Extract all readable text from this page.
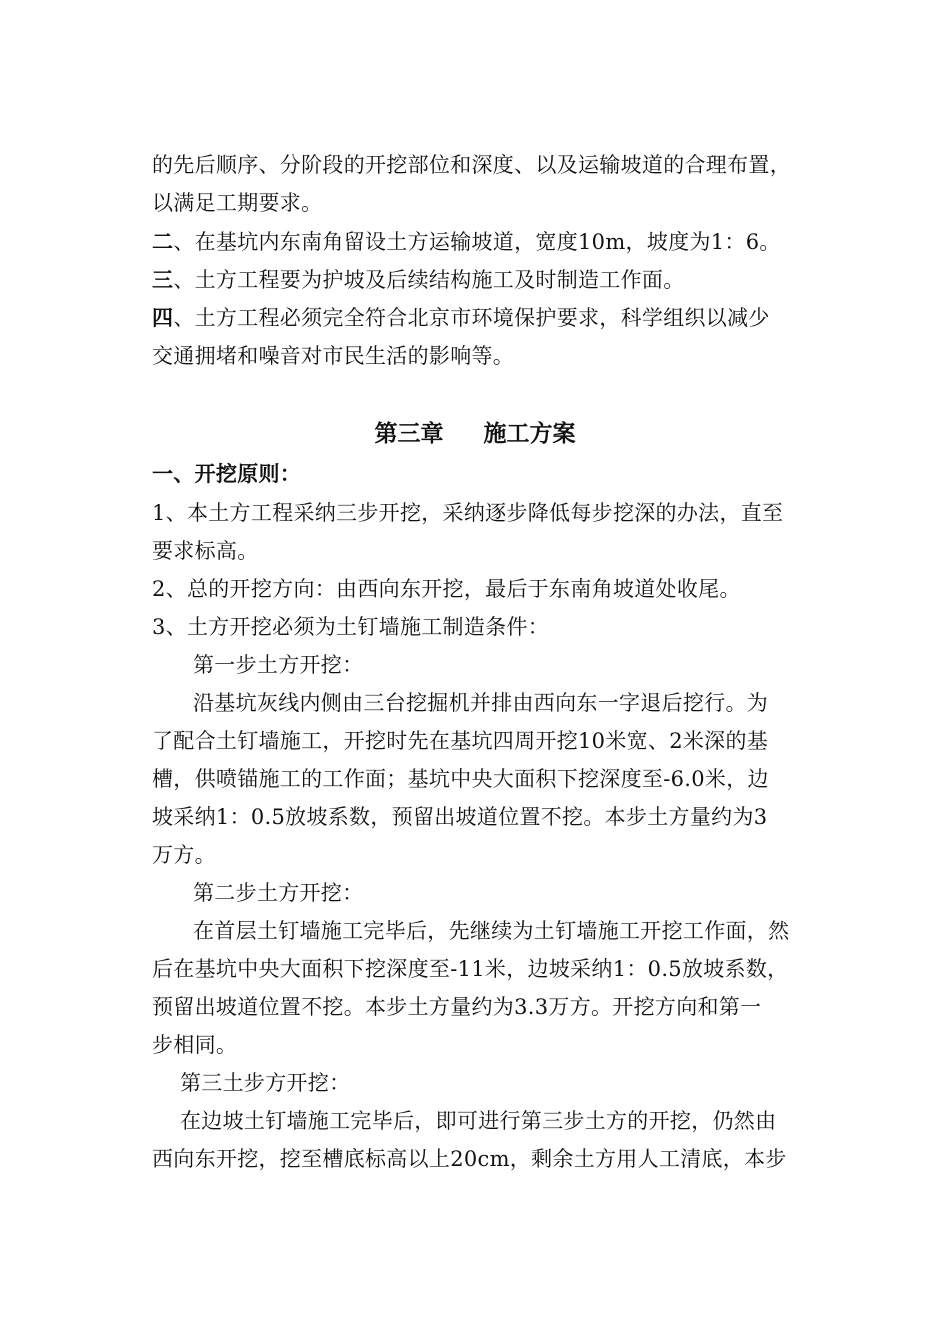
的先后顺序、分阶段的开挖部位和深度、以及运输坡道的合理布置，
以满足工期要求。
二、在基坑内东南角留设土方运输坡道，宽度10m，坡度为1：6。
三、土方工程要为护坡及后续结构施工及时制造工作面。
四、土方工程必须完全符合北京市环境保护要求，科学组织以减少
交通拥堵和噪音对市民生活的影响等。
第三章 施工方案
一、开挖原则：
1、本土方工程采纳三步开挖，采纳逐步降低每步挖深的办法，直至
要求标高。
2、总的开挖方向：由西向东开挖，最后于东南角坡道处收尾。
3、土方开挖必须为土钉墙施工制造条件：
第一步土方开挖：
沿基坑灰线内侧由三台挖掘机并排由西向东一字退后挖行。为
了配合土钉墙施工，开挖时先在基坑四周开挖10米宽、2米深的基
槽，供喷锚施工的工作面；基坑中央大面积下挖深度至-6.0米，边
坡采纳1：0.5放坡系数，预留出坡道位置不挖。本步土方量约为3
万方。
第二步土方开挖：
在首层土钉墙施工完毕后，先继续为土钉墙施工开挖工作面，然
后在基坑中央大面积下挖深度至-11米，边坡采纳1：0.5放坡系数，
预留出坡道位置不挖。本步土方量约为3.3万方。开挖方向和第一
步相同。
第三土步方开挖：
在边坡土钉墙施工完毕后，即可进行第三步土方的开挖，仍然由
西向东开挖，挖至槽底标高以上20cm，剩余土方用人工清底，本步
